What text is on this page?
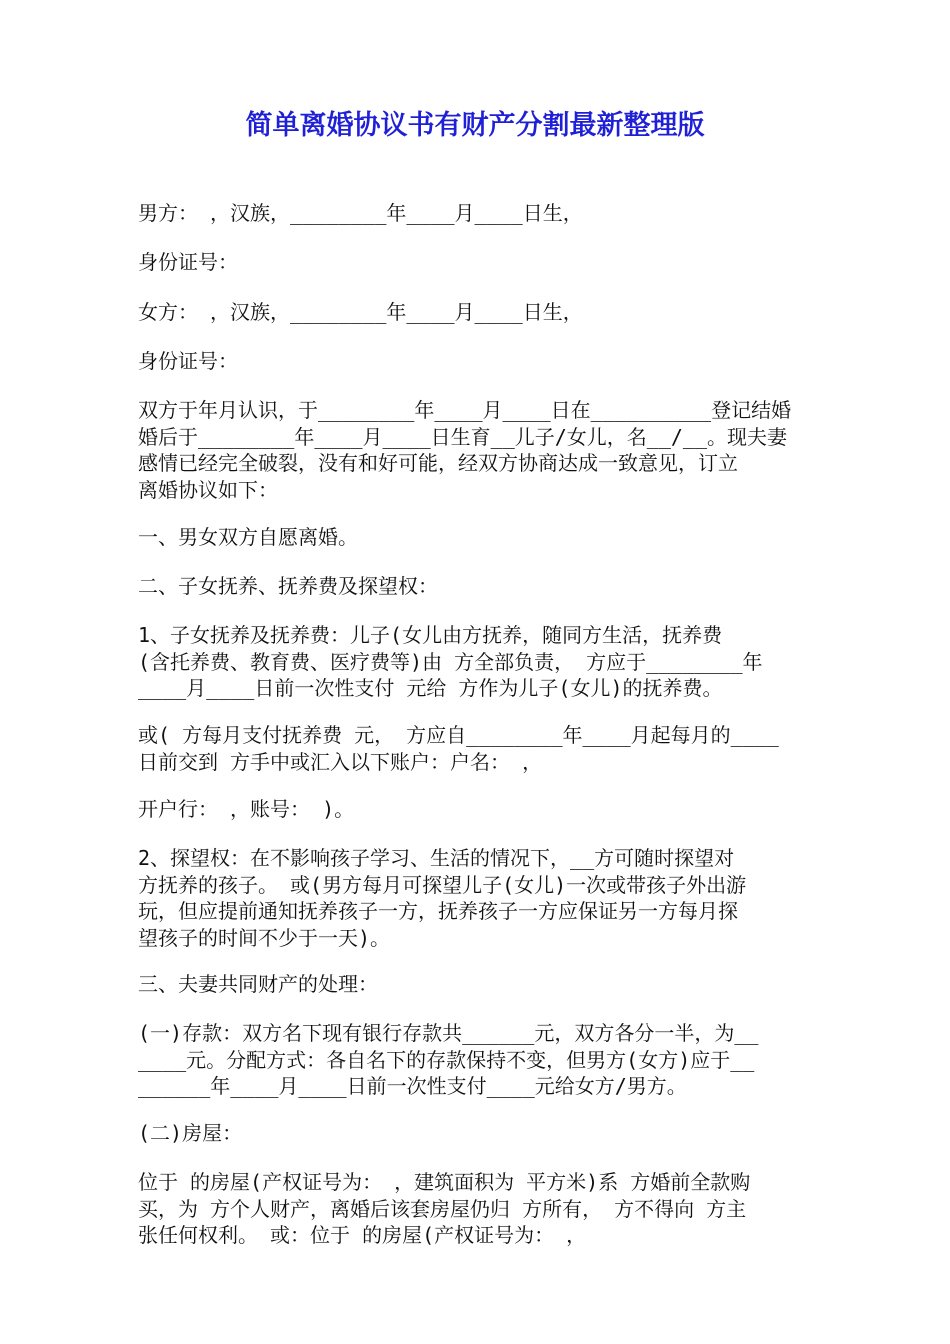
简单离婚协议书有财产分割最新整理版

男方： ，汉族，________年____月____日生，

身份证号：

女方： ，汉族，________年____月____日生，

身份证号：

双方于年月认识，于________年____月____日在__________登记结婚
婚后于________年____月____日生育__儿子/女儿，名__/__。现夫妻
感情已经完全破裂，没有和好可能，经双方协商达成一致意见，订立
离婚协议如下：

一、男女双方自愿离婚。

二、子女抚养、抚养费及探望权：

1、子女抚养及抚养费：儿子(女儿由方抚养，随同方生活，抚养费
(含托养费、教育费、医疗费等)由 方全部负责， 方应于________年
____月____日前一次性支付 元给 方作为儿子(女儿)的抚养费。

或( 方每月支付抚养费 元， 方应自________年____月起每月的____
日前交到 方手中或汇入以下账户：户名： ，

开户行： ，账号： )。

2、探望权：在不影响孩子学习、生活的情况下，__方可随时探望对
方抚养的孩子。 或(男方每月可探望儿子(女儿)一次或带孩子外出游
玩，但应提前通知抚养孩子一方，抚养孩子一方应保证另一方每月探
望孩子的时间不少于一天)。

三、夫妻共同财产的处理：

(一)存款：双方名下现有银行存款共______元，双方各分一半，为__
____元。分配方式：各自名下的存款保持不变，但男方(女方)应于__
______年____月____日前一次性支付____元给女方/男方。

(二)房屋：

位于 的房屋(产权证号为： ，建筑面积为 平方米)系 方婚前全款购
买，为 方个人财产，离婚后该套房屋仍归 方所有， 方不得向 方主
张任何权利。 或：位于 的房屋(产权证号为： ，
